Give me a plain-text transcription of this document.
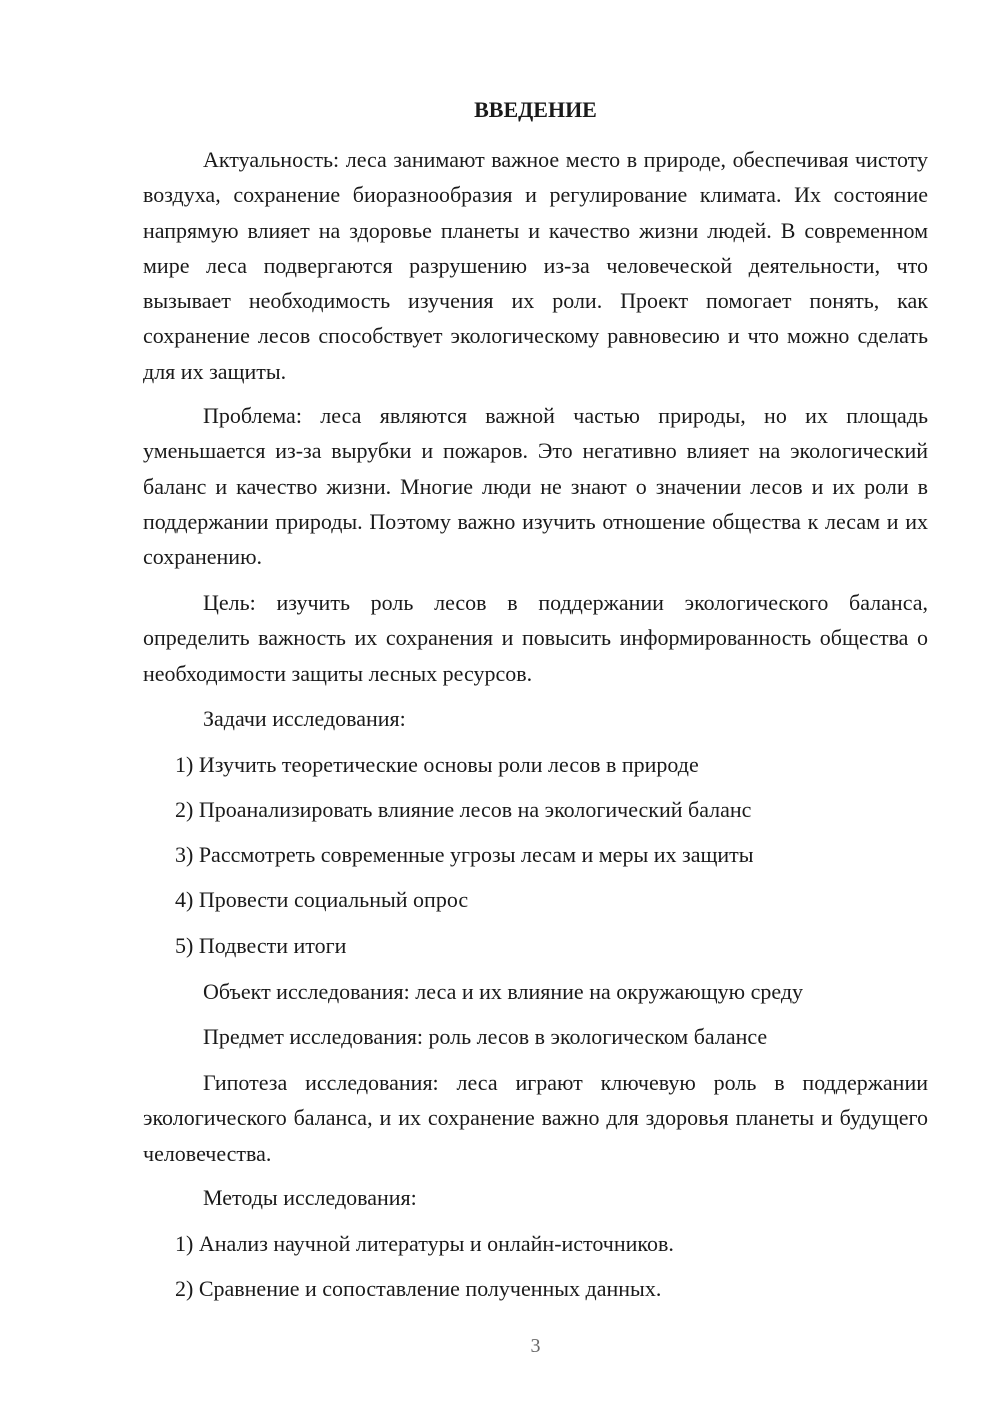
ВВЕДЕНИЕ

Актуальность: леса занимают важное место в природе, обеспечивая чистоту воздуха, сохранение биоразнообразия и регулирование климата. Их состояние напрямую влияет на здоровье планеты и качество жизни людей. В современном мире леса подвергаются разрушению из-за человеческой деятельности, что вызывает необходимость изучения их роли. Проект помогает понять, как сохранение лесов способствует экологическому равновесию и что можно сделать для их защиты.

Проблема: леса являются важной частью природы, но их площадь уменьшается из-за вырубки и пожаров. Это негативно влияет на экологический баланс и качество жизни. Многие люди не знают о значении лесов и их роли в поддержании природы. Поэтому важно изучить отношение общества к лесам и их сохранению.

Цель: изучить роль лесов в поддержании экологического баланса, определить важность их сохранения и повысить информированность общества о необходимости защиты лесных ресурсов.

Задачи исследования:
1) Изучить теоретические основы роли лесов в природе
2) Проанализировать влияние лесов на экологический баланс
3) Рассмотреть современные угрозы лесам и меры их защиты
4) Провести социальный опрос
5) Подвести итоги
Объект исследования: леса и их влияние на окружающую среду
Предмет исследования: роль лесов в экологическом балансе

Гипотеза исследования: леса играют ключевую роль в поддержании экологического баланса, и их сохранение важно для здоровья планеты и будущего человечества.

Методы исследования:
1) Анализ научной литературы и онлайн-источников.
2) Сравнение и сопоставление полученных данных.
3
